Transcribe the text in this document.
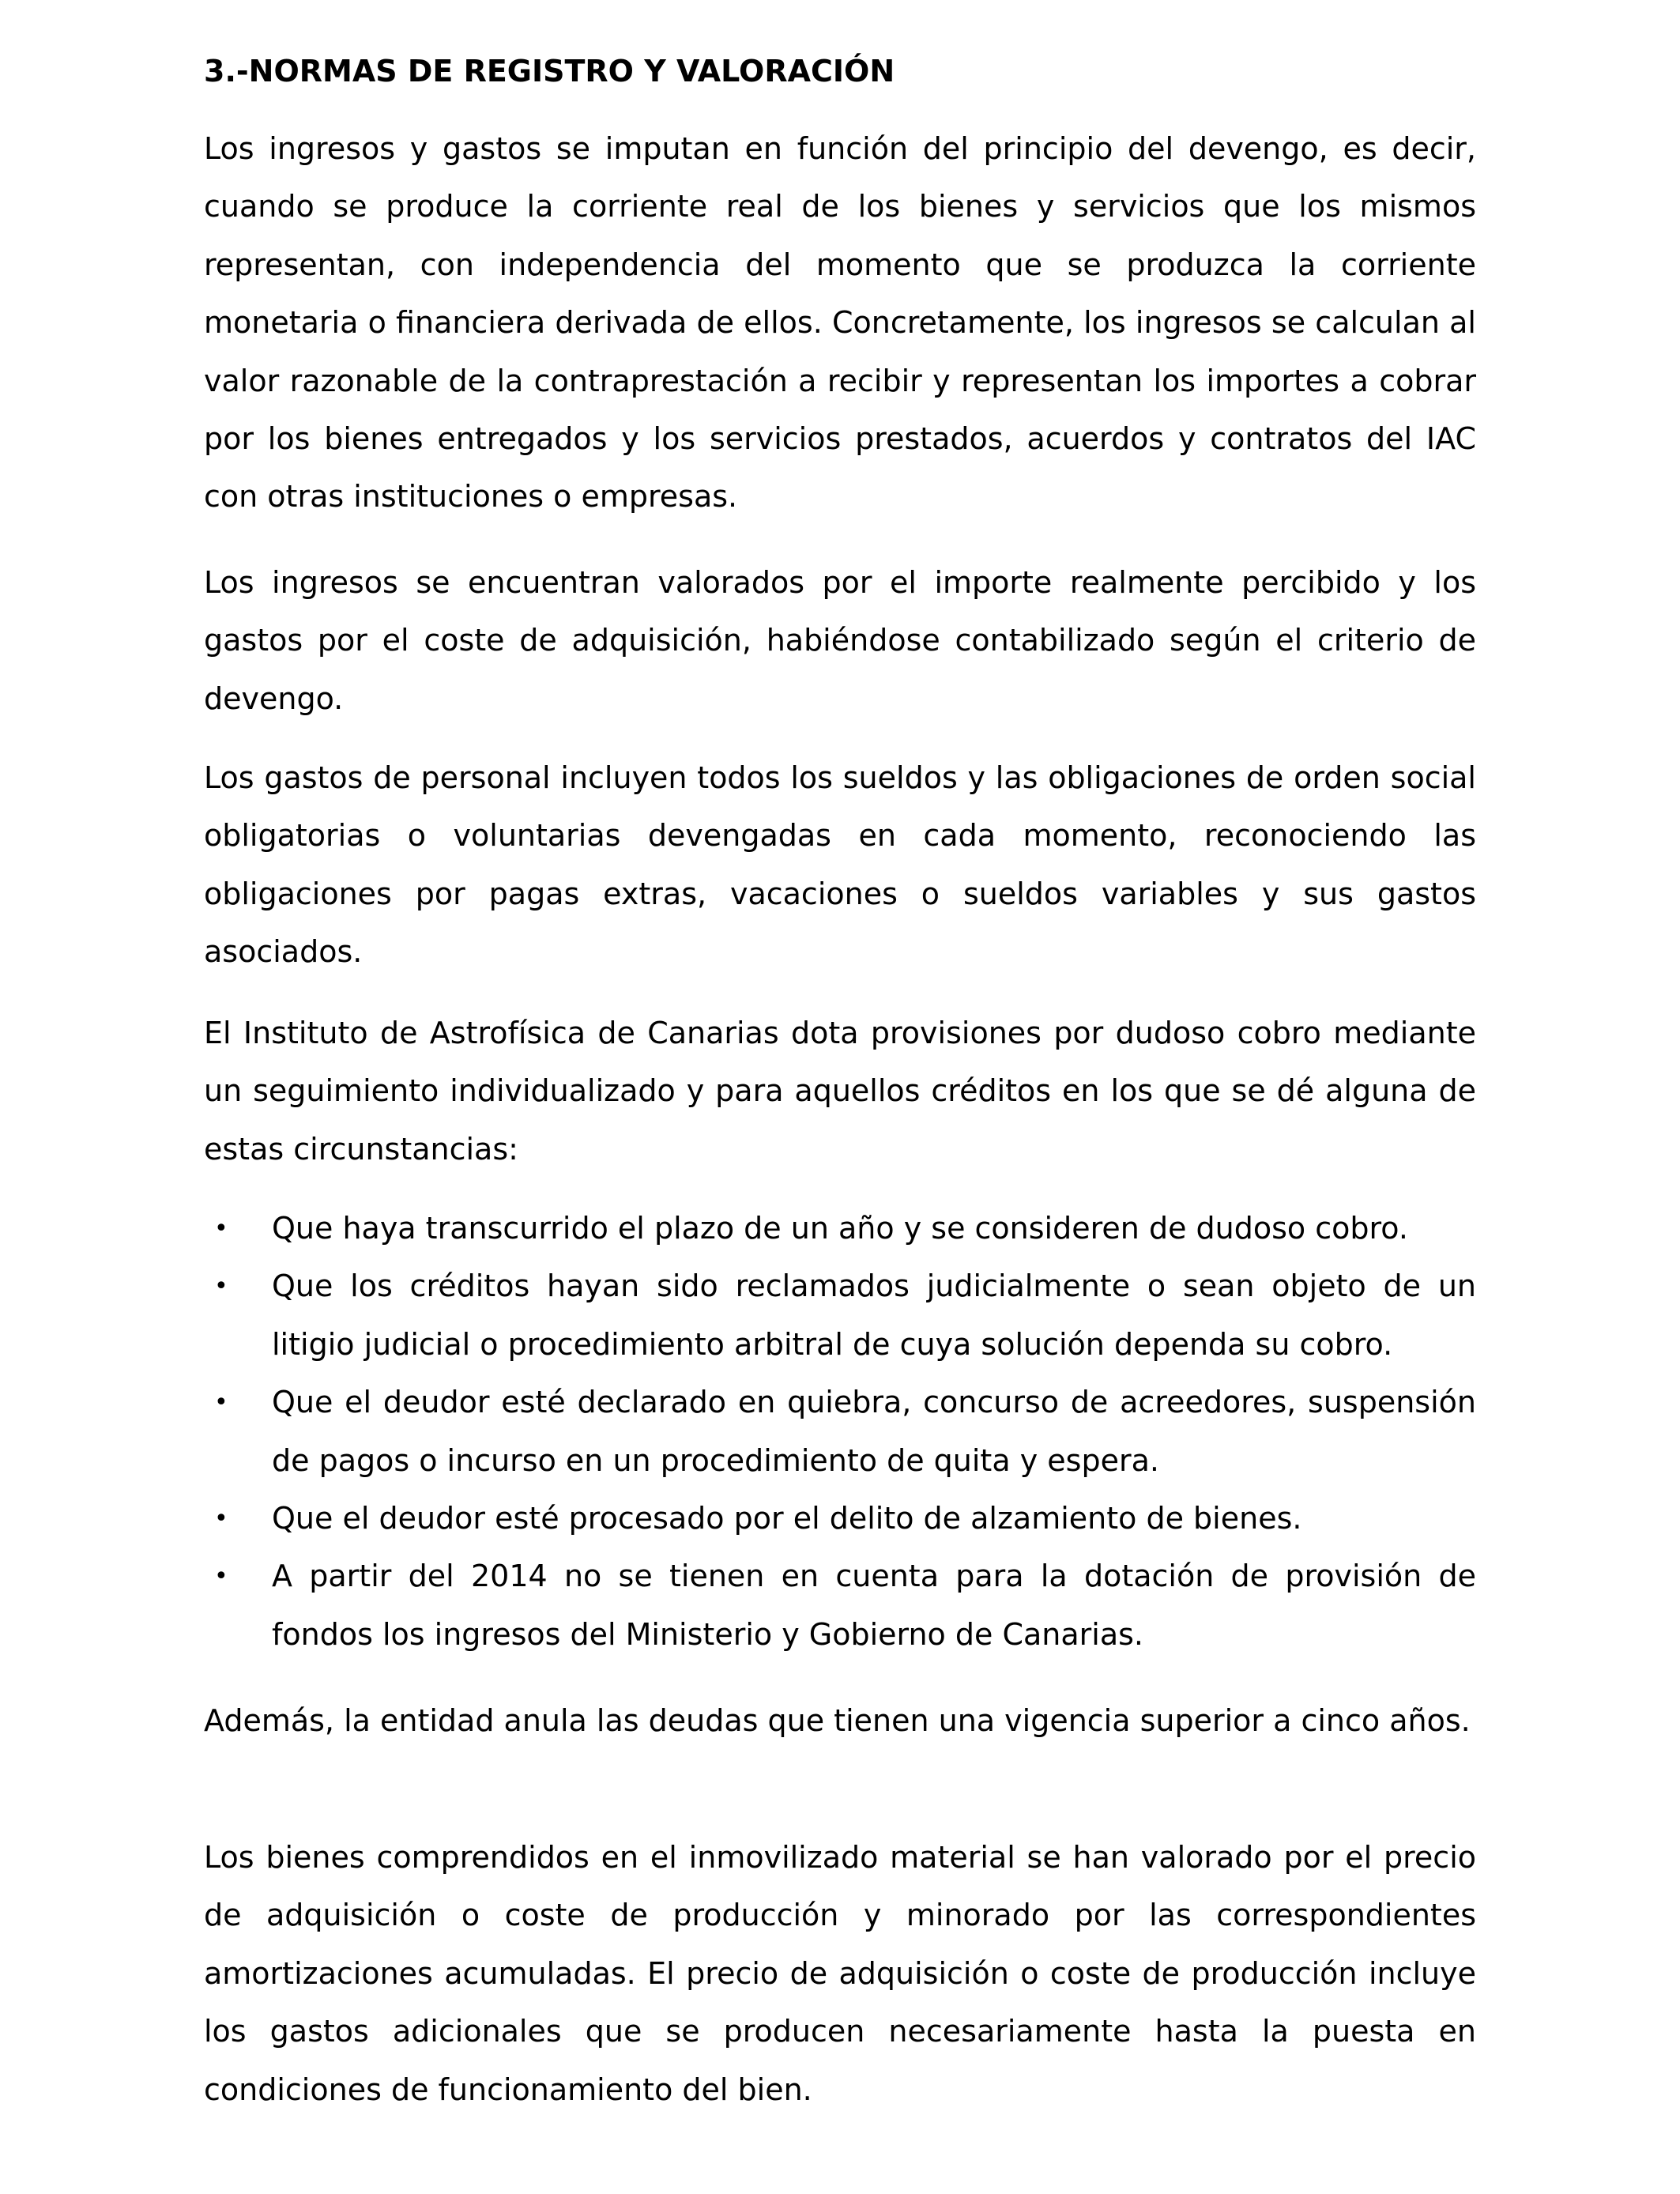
3.-NORMAS DE REGISTRO Y VALORACIÓN

Los ingresos y gastos se imputan en función del principio del devengo, es decir, cuando se produce la corriente real de los bienes y servicios que los mismos representan, con independencia del momento que se produzca la corriente monetaria o financiera derivada de ellos. Concretamente, los ingresos se calculan al valor razonable de la contraprestación a recibir y representan los importes a cobrar por los bienes entregados y los servicios prestados, acuerdos y contratos del IAC con otras instituciones o empresas.

Los ingresos se encuentran valorados por el importe realmente percibido y los gastos por el coste de adquisición, habiéndose contabilizado según el criterio de devengo.

Los gastos de personal incluyen todos los sueldos y las obligaciones de orden social obligatorias o voluntarias devengadas en cada momento, reconociendo las obligaciones por pagas extras, vacaciones o sueldos variables y sus gastos asociados.

El Instituto de Astrofísica de Canarias dota provisiones por dudoso cobro mediante un seguimiento individualizado y para aquellos créditos en los que se dé alguna de estas circunstancias:

• Que haya transcurrido el plazo de un año y se consideren de dudoso cobro.
• Que los créditos hayan sido reclamados judicialmente o sean objeto de un litigio judicial o procedimiento arbitral de cuya solución dependa su cobro.
• Que el deudor esté declarado en quiebra, concurso de acreedores, suspensión de pagos o incurso en un procedimiento de quita y espera.
• Que el deudor esté procesado por el delito de alzamiento de bienes.
• A partir del 2014 no se tienen en cuenta para la dotación de provisión de fondos los ingresos del Ministerio y Gobierno de Canarias.

Además, la entidad anula las deudas que tienen una vigencia superior a cinco años.

Los bienes comprendidos en el inmovilizado material se han valorado por el precio de adquisición o coste de producción y minorado por las correspondientes amortizaciones acumuladas. El precio de adquisición o coste de producción incluye los gastos adicionales que se producen necesariamente hasta la puesta en condiciones de funcionamiento del bien.
